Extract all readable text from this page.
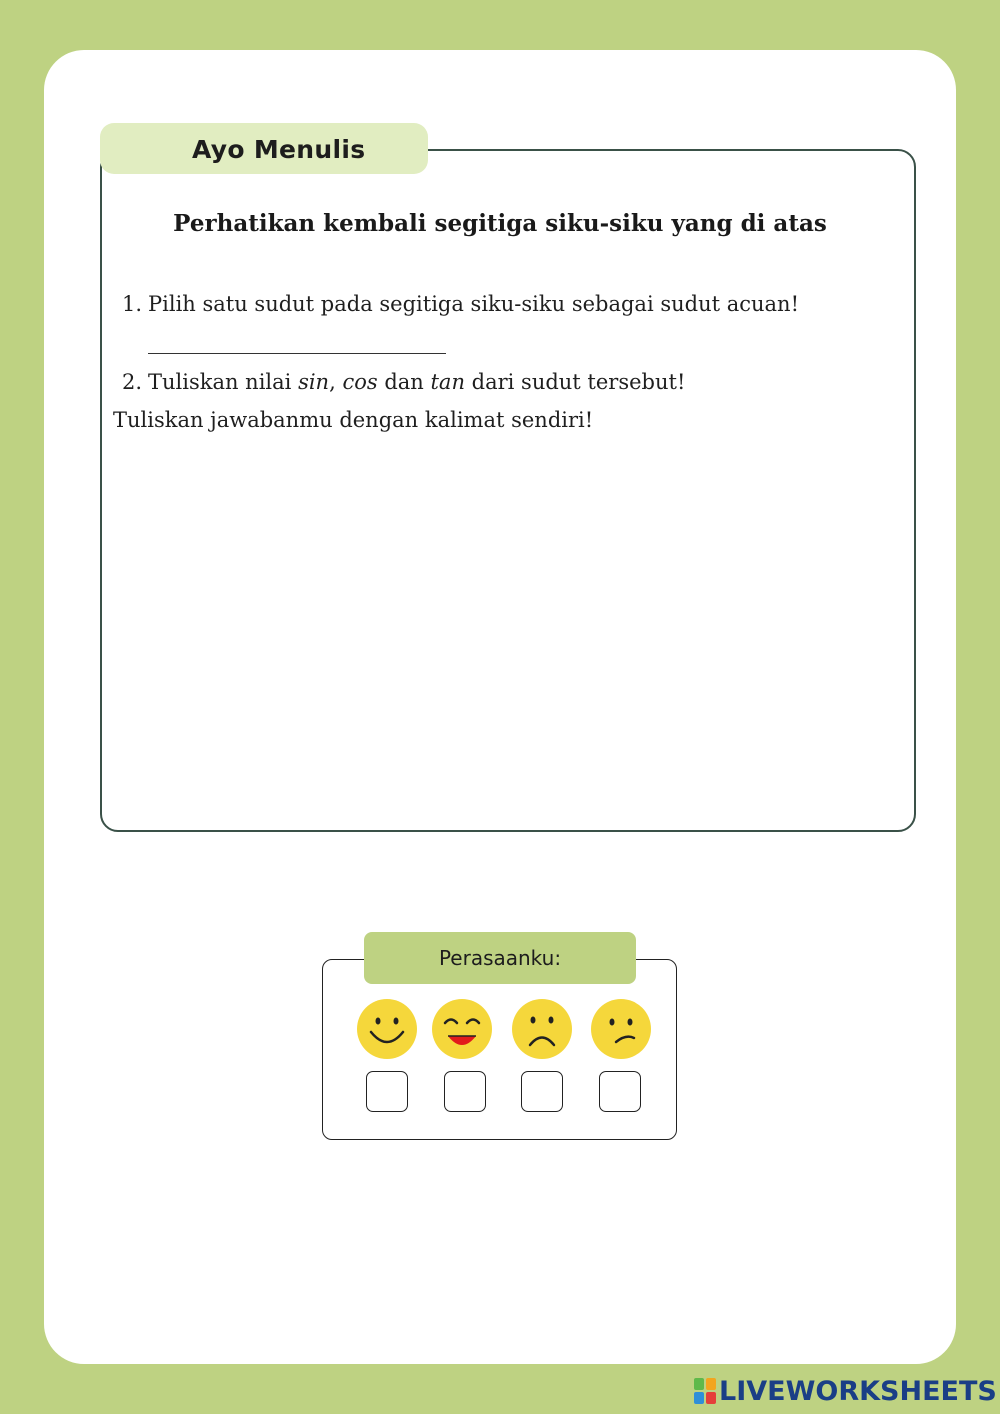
Ayo Menulis
Perhatikan kembali segitiga siku-siku yang di atas
1. Pilih satu sudut pada segitiga siku-siku sebagai sudut acuan!
2. Tuliskan nilai sin, cos dan tan dari sudut tersebut!
Tuliskan jawabanmu dengan kalimat sendiri!
Perasaanku:
LIVEWORKSHEETS
